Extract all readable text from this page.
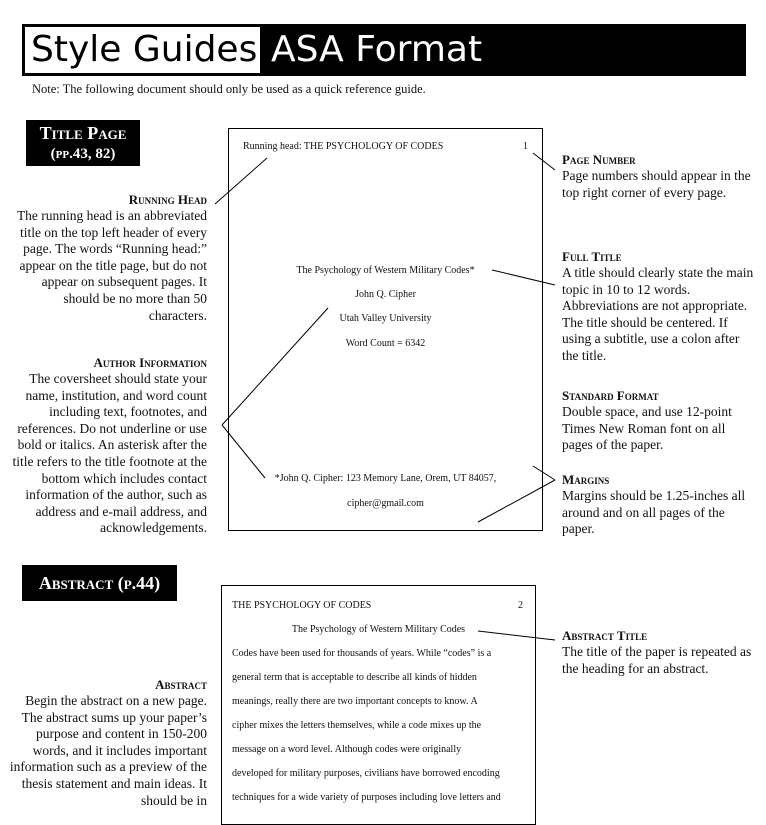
Style Guides ASA Format
Note: The following document should only be used as a quick reference guide.
Title Page
(pp.43, 82)
Running Head
The running head is an abbreviated title on the top left header of every page. The words “Running head:” appear on the title page, but do not appear on subsequent pages. It should be no more than 50 characters.
Author Information
The coversheet should state your name, institution, and word count including text, footnotes, and references. Do not underline or use bold or italics. An asterisk after the title refers to the title footnote at the bottom which includes contact information of the author, such as address and e-mail address, and acknowledgements.
Page Number
Page numbers should appear in the top right corner of every page.
Full Title
A title should clearly state the main topic in 10 to 12 words. Abbreviations are not appropriate. The title should be centered. If using a subtitle, use a colon after the title.
Standard Format
Double space, and use 12-point Times New Roman font on all pages of the paper.
Margins
Margins should be 1.25-inches all around and on all pages of the paper.
Running head: THE PSYCHOLOGY OF CODES	1
The Psychology of Western Military Codes*
John Q. Cipher
Utah Valley University
Word Count = 6342
*John Q. Cipher: 123 Memory Lane, Orem, UT 84057,
cipher@gmail.com
Abstract (p.44)
Abstract
Begin the abstract on a new page. The abstract sums up your paper’s purpose and content in 150-200 words, and it includes important information such as a preview of the thesis statement and main ideas. It should be in
Abstract Title
The title of the paper is repeated as the heading for an abstract.
THE PSYCHOLOGY OF CODES	2
The Psychology of Western Military Codes
Codes have been used for thousands of years. While “codes” is a
general term that is acceptable to describe all kinds of hidden
meanings, really there are two important concepts to know. A
cipher mixes the letters themselves, while a code mixes up the
message on a word level. Although codes were originally
developed for military purposes, civilians have borrowed encoding
techniques for a wide variety of purposes including love letters and
